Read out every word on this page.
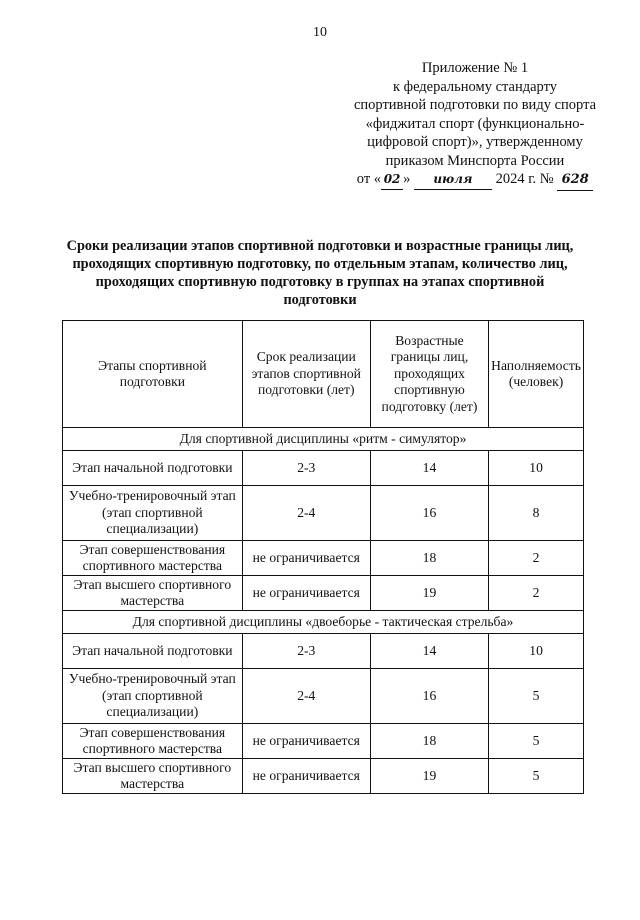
10
Приложение № 1
к федеральному стандарту
спортивной подготовки по виду спорта
«фиджитал спорт (функционально-
цифровой спорт)», утвержденному
приказом Минспорта России
от « 02 » июля 2024 г. № 628
Сроки реализации этапов спортивной подготовки и возрастные границы лиц, проходящих спортивную подготовку, по отдельным этапам, количество лиц, проходящих спортивную подготовку в группах на этапах спортивной подготовки
Этапы спортивной подготовки	Срок реализации этапов спортивной подготовки (лет)	Возрастные границы лиц, проходящих спортивную подготовку (лет)	Наполняемость (человек)
Для спортивной дисциплины «ритм - симулятор»			
Этап начальной подготовки	2-3	14	10
Учебно-тренировочный этап (этап спортивной специализации)	2-4	16	8
Этап совершенствования спортивного мастерства	не ограничивается	18	2
Этап высшего спортивного мастерства	не ограничивается	19	2
Для спортивной дисциплины «двоеборье - тактическая стрельба»			
Этап начальной подготовки	2-3	14	10
Учебно-тренировочный этап (этап спортивной специализации)	2-4	16	5
Этап совершенствования спортивного мастерства	не ограничивается	18	5
Этап высшего спортивного мастерства	не ограничивается	19	5
